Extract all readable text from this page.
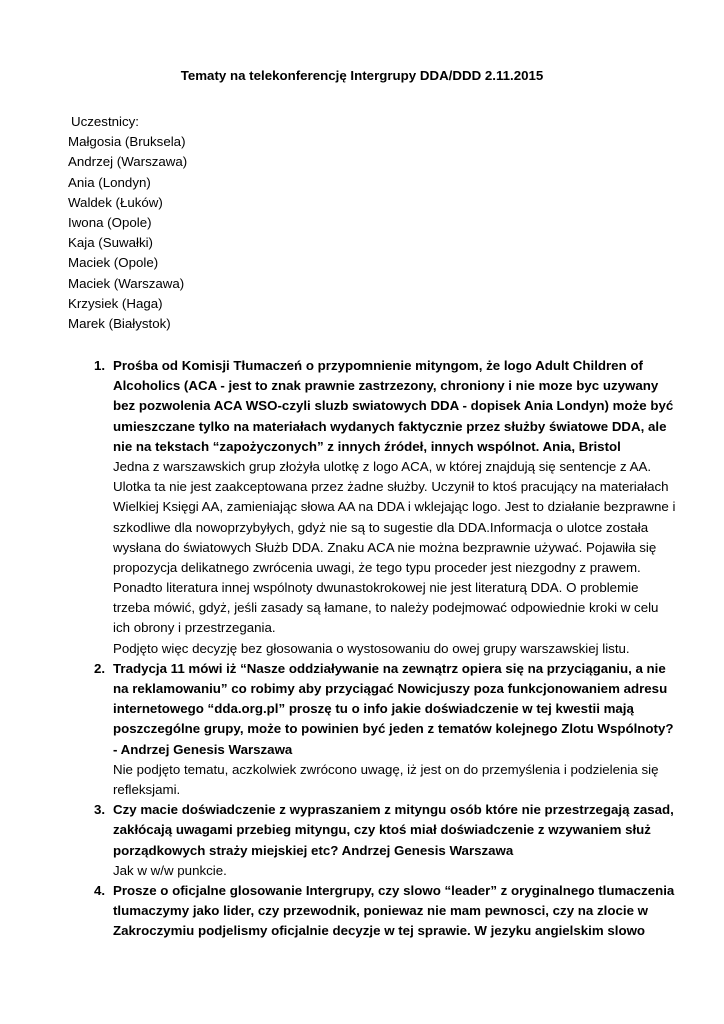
Tematy na telekonferencję Intergrupy DDA/DDD 2.11.2015
Uczestnicy:
Małgosia (Bruksela)
Andrzej (Warszawa)
Ania (Londyn)
Waldek (Łuków)
Iwona (Opole)
Kaja (Suwałki)
Maciek (Opole)
Maciek (Warszawa)
Krzysiek (Haga)
Marek (Białystok)
1. Prośba od Komisji Tłumaczeń o przypomnienie mityngom, że logo Adult Children of
Alcoholics (ACA - jest to znak prawnie zastrzezony, chroniony i nie moze byc uzywany
bez pozwolenia ACA WSO-czyli sluzb swiatowych DDA - dopisek Ania Londyn) może być
umieszczane tylko na materiałach wydanych faktycznie przez służby światowe DDA, ale
nie na tekstach “zapożyczonych” z innych źródeł, innych wspólnot. Ania, Bristol
Jedna z warszawskich grup złożyła ulotkę z logo ACA, w której znajdują się sentencje z AA.
Ulotka ta nie jest zaakceptowana przez żadne służby. Uczynił to ktoś pracujący na materiałach
Wielkiej Księgi AA, zamieniając słowa AA na DDA i wklejając logo. Jest to działanie bezprawne i
szkodliwe dla nowoprzybyłych, gdyż nie są to sugestie dla DDA.Informacja o ulotce została
wysłana do światowych Służb DDA. Znaku ACA nie można bezprawnie używać. Pojawiła się
propozycja delikatnego zwrócenia uwagi, że tego typu proceder jest niezgodny z prawem.
Ponadto literatura innej wspólnoty dwunastokrokowej nie jest literaturą DDA. O problemie
trzeba mówić, gdyż, jeśli zasady są łamane, to należy podejmować odpowiednie kroki w celu
ich obrony i przestrzegania.
Podjęto więc decyzję bez głosowania o wystosowaniu do owej grupy warszawskiej listu.
2. Tradycja 11 mówi iż “Nasze oddziaływanie na zewnątrz opiera się na przyciąganiu, a nie
na reklamowaniu” co robimy aby przyciągać Nowicjuszy poza funkcjonowaniem adresu
internetowego “dda.org.pl” proszę tu o info jakie doświadczenie w tej kwestii mają
poszczególne grupy, może to powinien być jeden z tematów kolejnego Zlotu Wspólnoty?
- Andrzej Genesis Warszawa
Nie podjęto tematu, aczkolwiek zwrócono uwagę, iż jest on do przemyślenia i podzielenia się
refleksjami.
3. Czy macie doświadczenie z wypraszaniem z mityngu osób które nie przestrzegają zasad,
zakłócają uwagami przebieg mityngu, czy ktoś miał doświadczenie z wzywaniem służ
porządkowych straży miejskiej etc? Andrzej Genesis Warszawa
Jak w w/w punkcie.
4. Prosze o oficjalne glosowanie Intergrupy, czy slowo “leader” z oryginalnego tlumaczenia
tlumaczymy jako lider, czy przewodnik, poniewaz nie mam pewnosci, czy na zlocie w
Zakroczymiu podjelismy oficjalnie decyzje w tej sprawie. W jezyku angielskim slowo
